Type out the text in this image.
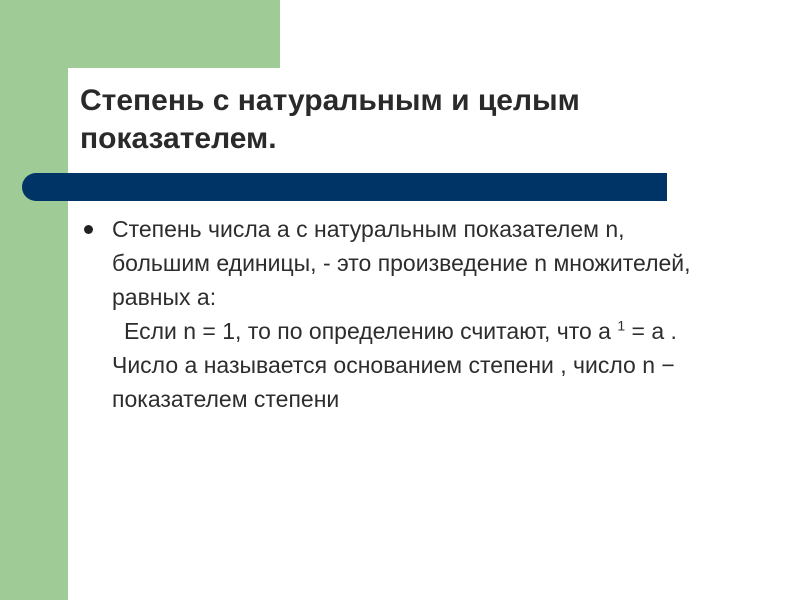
Степень с натуральным и целым показателем.
Степень числа а с натуральным показателем n, большим единицы, - это произведение n множителей, равных а:
Если n = 1, то по определению считают, что а $^1$ = а . Число а называется основанием степени , число n − показателем степени
